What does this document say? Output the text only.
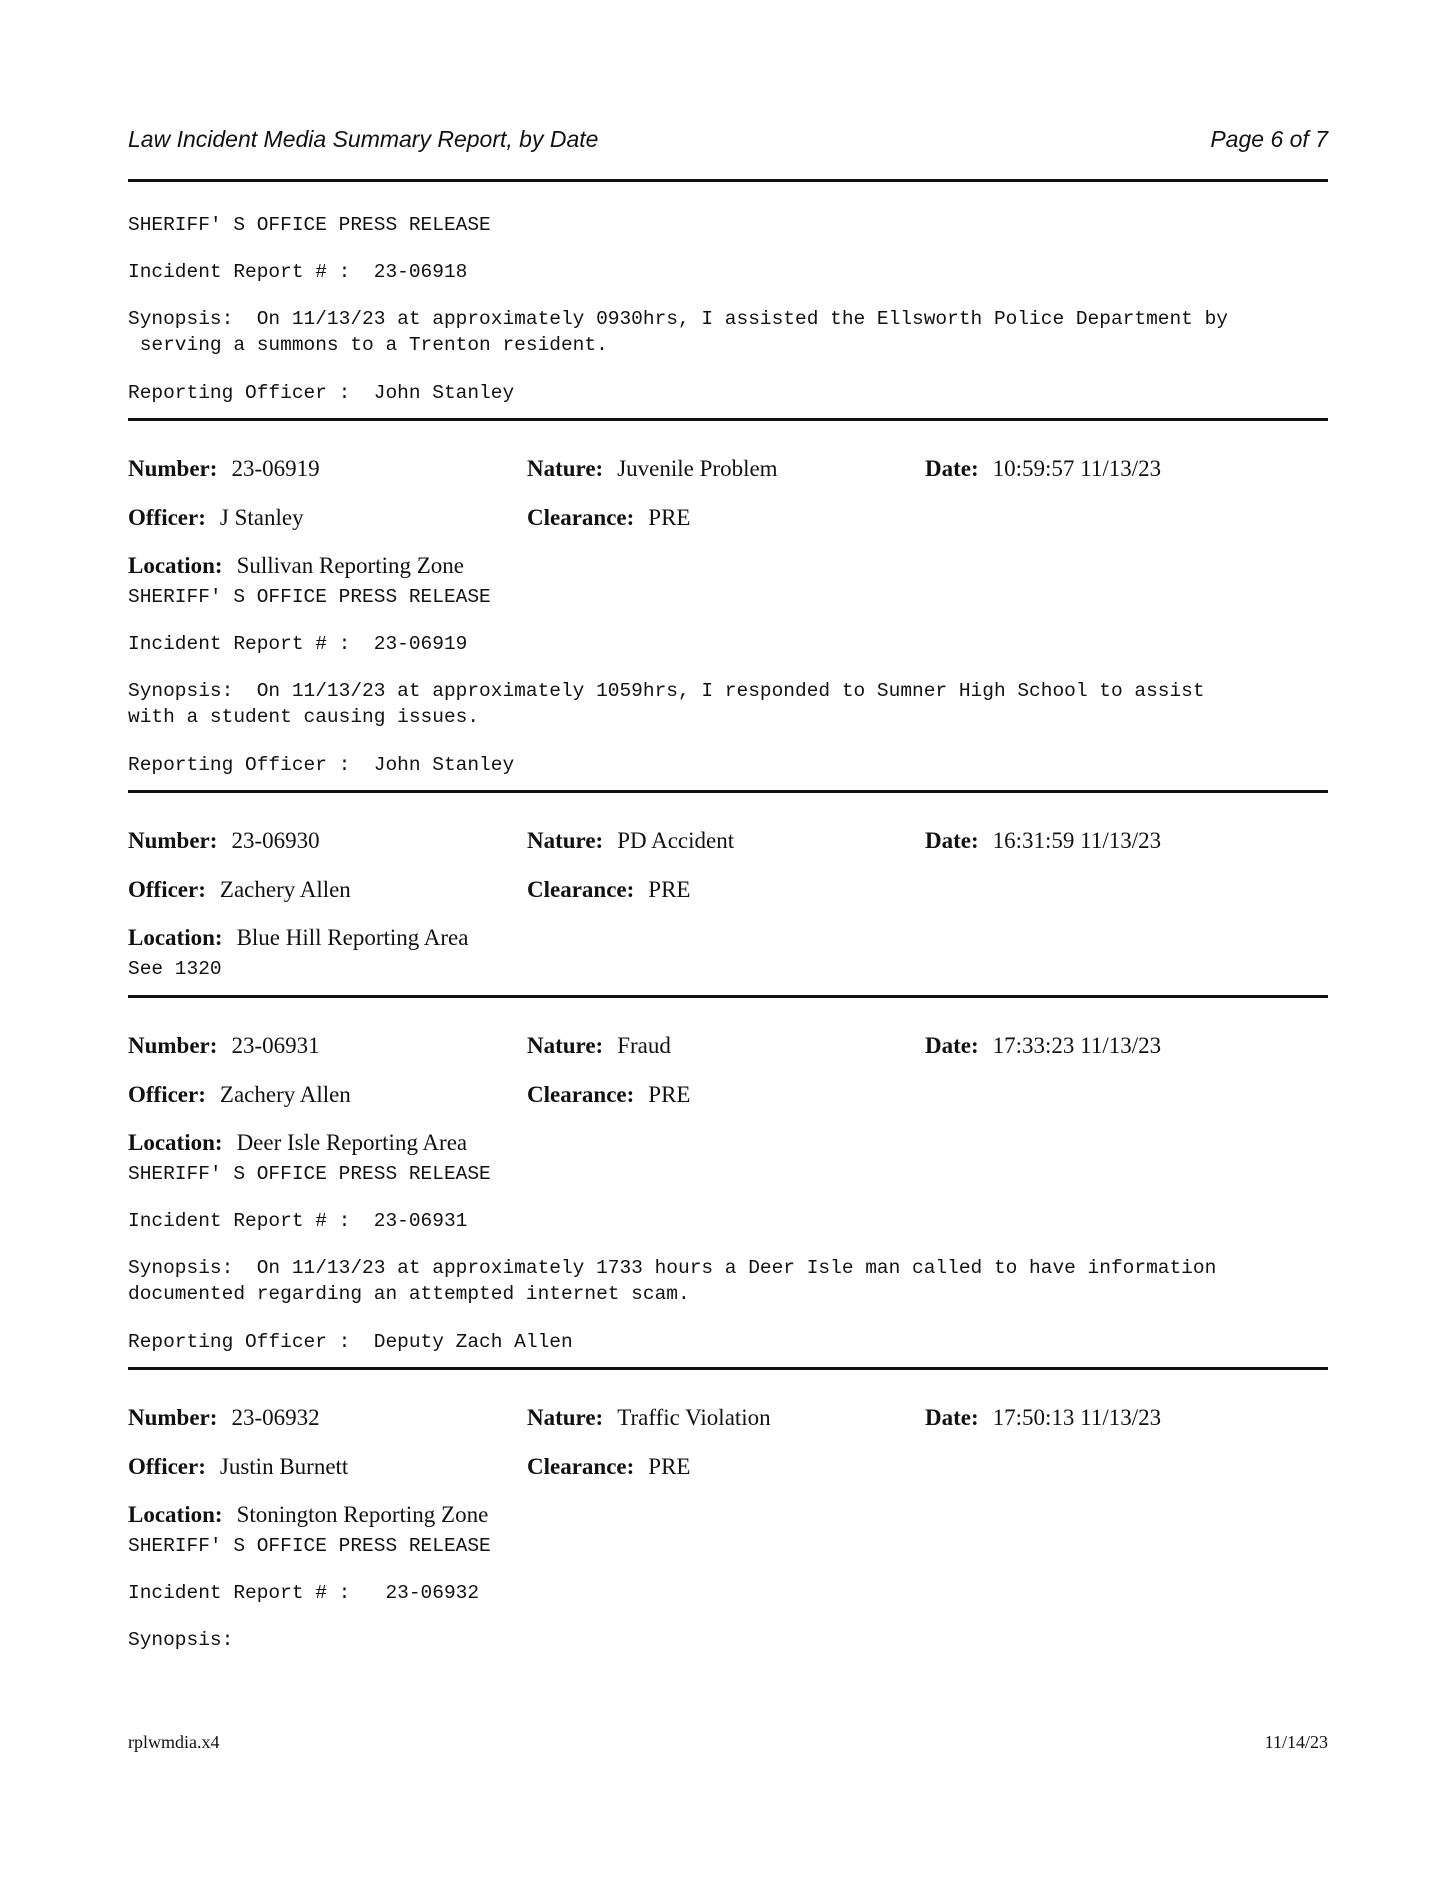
Law Incident Media Summary Report, by Date	Page 6 of 7
SHERIFF' S OFFICE PRESS RELEASE
Incident Report # :  23-06918
Synopsis:  On 11/13/23 at approximately 0930hrs, I assisted the Ellsworth Police Department by
serving a summons to a Trenton resident.
Reporting Officer :  John Stanley
Number: 23-06919	Nature: Juvenile Problem	Date: 10:59:57 11/13/23
Officer: J Stanley	Clearance: PRE
Location: Sullivan Reporting Zone
SHERIFF' S OFFICE PRESS RELEASE
Incident Report # :  23-06919
Synopsis:  On 11/13/23 at approximately 1059hrs, I responded to Sumner High School to assist
with a student causing issues.
Reporting Officer :  John Stanley
Number: 23-06930	Nature: PD Accident	Date: 16:31:59 11/13/23
Officer: Zachery Allen	Clearance: PRE
Location: Blue Hill Reporting Area
See 1320
Number: 23-06931	Nature: Fraud	Date: 17:33:23 11/13/23
Officer: Zachery Allen	Clearance: PRE
Location: Deer Isle Reporting Area
SHERIFF' S OFFICE PRESS RELEASE
Incident Report # :  23-06931
Synopsis:  On 11/13/23 at approximately 1733 hours a Deer Isle man called to have information
documented regarding an attempted internet scam.
Reporting Officer :  Deputy Zach Allen
Number: 23-06932	Nature: Traffic Violation	Date: 17:50:13 11/13/23
Officer: Justin Burnett	Clearance: PRE
Location: Stonington Reporting Zone
SHERIFF' S OFFICE PRESS RELEASE
Incident Report # :   23-06932
Synopsis:
rplwmdia.x4	11/14/23
